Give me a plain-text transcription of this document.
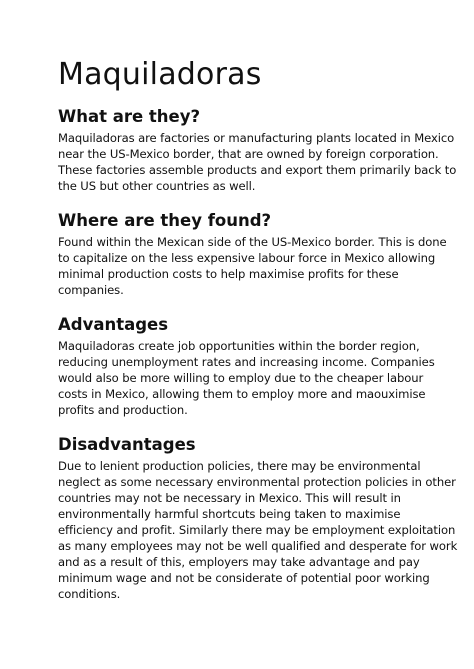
Maquiladoras
What are they?

Maquiladoras are factories or manufacturing plants located in Mexico
near the US-Mexico border, that are owned by foreign corporation.
These factories assemble products and export them primarily back to
the US but other countries as well.

Where are they found?

Found within the Mexican side of the US-Mexico border. This is done
to capitalize on the less expensive labour force in Mexico allowing
minimal production costs to help maximise profits for these
companies.

Advantages

Maquiladoras create job opportunities within the border region,
reducing unemployment rates and increasing income. Companies
would also be more willing to employ due to the cheaper labour
costs in Mexico, allowing them to employ more and maouximise
profits and production.

Disadvantages

Due to lenient production policies, there may be environmental
neglect as some necessary environmental protection policies in other
countries may not be necessary in Mexico. This will result in
environmentally harmful shortcuts being taken to maximise
efficiency and profit. Similarly there may be employment exploitation
as many employees may not be well qualified and desperate for work
and as a result of this, employers may take advantage and pay
minimum wage and not be considerate of potential poor working
conditions.
